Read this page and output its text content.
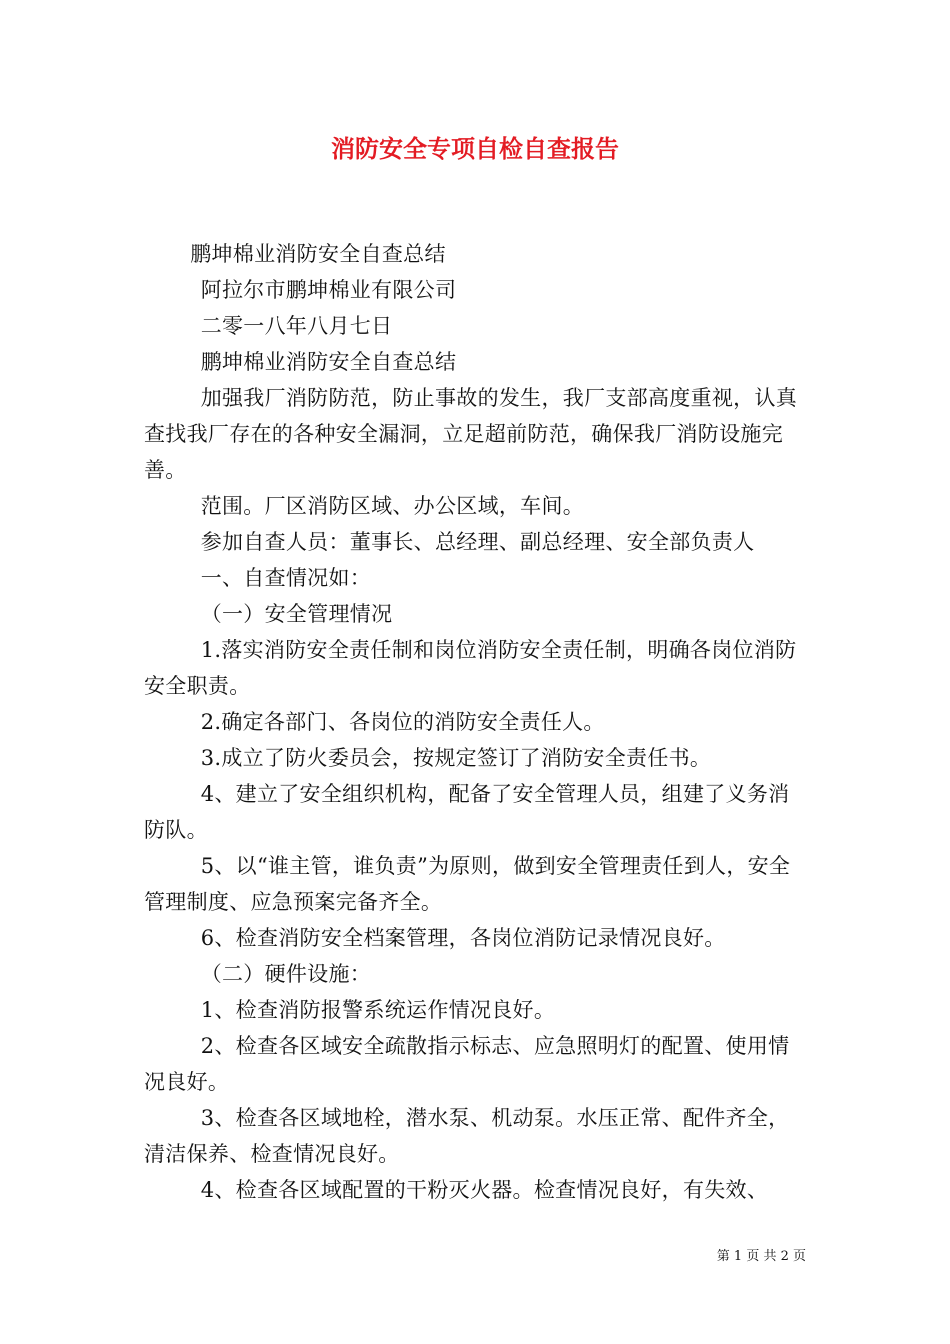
消防安全专项自检自查报告

鹏坤棉业消防安全自查总结

阿拉尔市鹏坤棉业有限公司

二零一八年八月七日

鹏坤棉业消防安全自查总结

加强我厂消防防范，防止事故的发生，我厂支部高度重视，认真查找我厂存在的各种安全漏洞，立足超前防范，确保我厂消防设施完善。

范围。厂区消防区域、办公区域，车间。

参加自查人员：董事长、总经理、副总经理、安全部负责人

一、自查情况如：

（一）安全管理情况

1.落实消防安全责任制和岗位消防安全责任制，明确各岗位消防安全职责。

2.确定各部门、各岗位的消防安全责任人。

3.成立了防火委员会，按规定签订了消防安全责任书。

4、建立了安全组织机构，配备了安全管理人员，组建了义务消防队。

5、以“谁主管，谁负责”为原则，做到安全管理责任到人，安全管理制度、应急预案完备齐全。

6、检查消防安全档案管理，各岗位消防记录情况良好。

（二）硬件设施：

1、检查消防报警系统运作情况良好。

2、检查各区域安全疏散指示标志、应急照明灯的配置、使用情况良好。

3、检查各区域地栓，潜水泵、机动泵。水压正常、配件齐全，清洁保养、检查情况良好。

4、检查各区域配置的干粉灭火器。检查情况良好，有失效、

第 1 页 共 2 页
